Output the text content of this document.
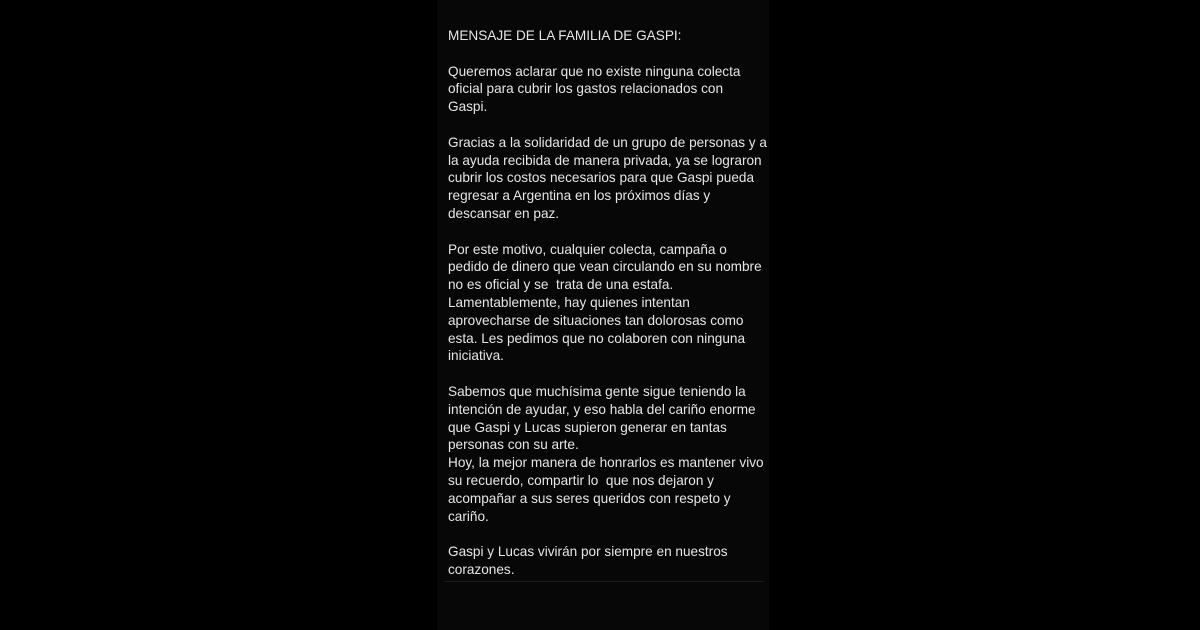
MENSAJE DE LA FAMILIA DE GASPI:
Queremos aclarar que no existe ninguna colecta
oficial para cubrir los gastos relacionados con
Gaspi.
Gracias a la solidaridad de un grupo de personas y a
la ayuda recibida de manera privada, ya se lograron
cubrir los costos necesarios para que Gaspi pueda
regresar a Argentina en los próximos días y
descansar en paz.
Por este motivo, cualquier colecta, campaña o
pedido de dinero que vean circulando en su nombre
no es oficial y se  trata de una estafa.
Lamentablemente, hay quienes intentan
aprovecharse de situaciones tan dolorosas como
esta. Les pedimos que no colaboren con ninguna
iniciativa.
Sabemos que muchísima gente sigue teniendo la
intención de ayudar, y eso habla del cariño enorme
que Gaspi y Lucas supieron generar en tantas
personas con su arte.
Hoy, la mejor manera de honrarlos es mantener vivo
su recuerdo, compartir lo  que nos dejaron y
acompañar a sus seres queridos con respeto y
cariño.
Gaspi y Lucas vivirán por siempre en nuestros
corazones.
